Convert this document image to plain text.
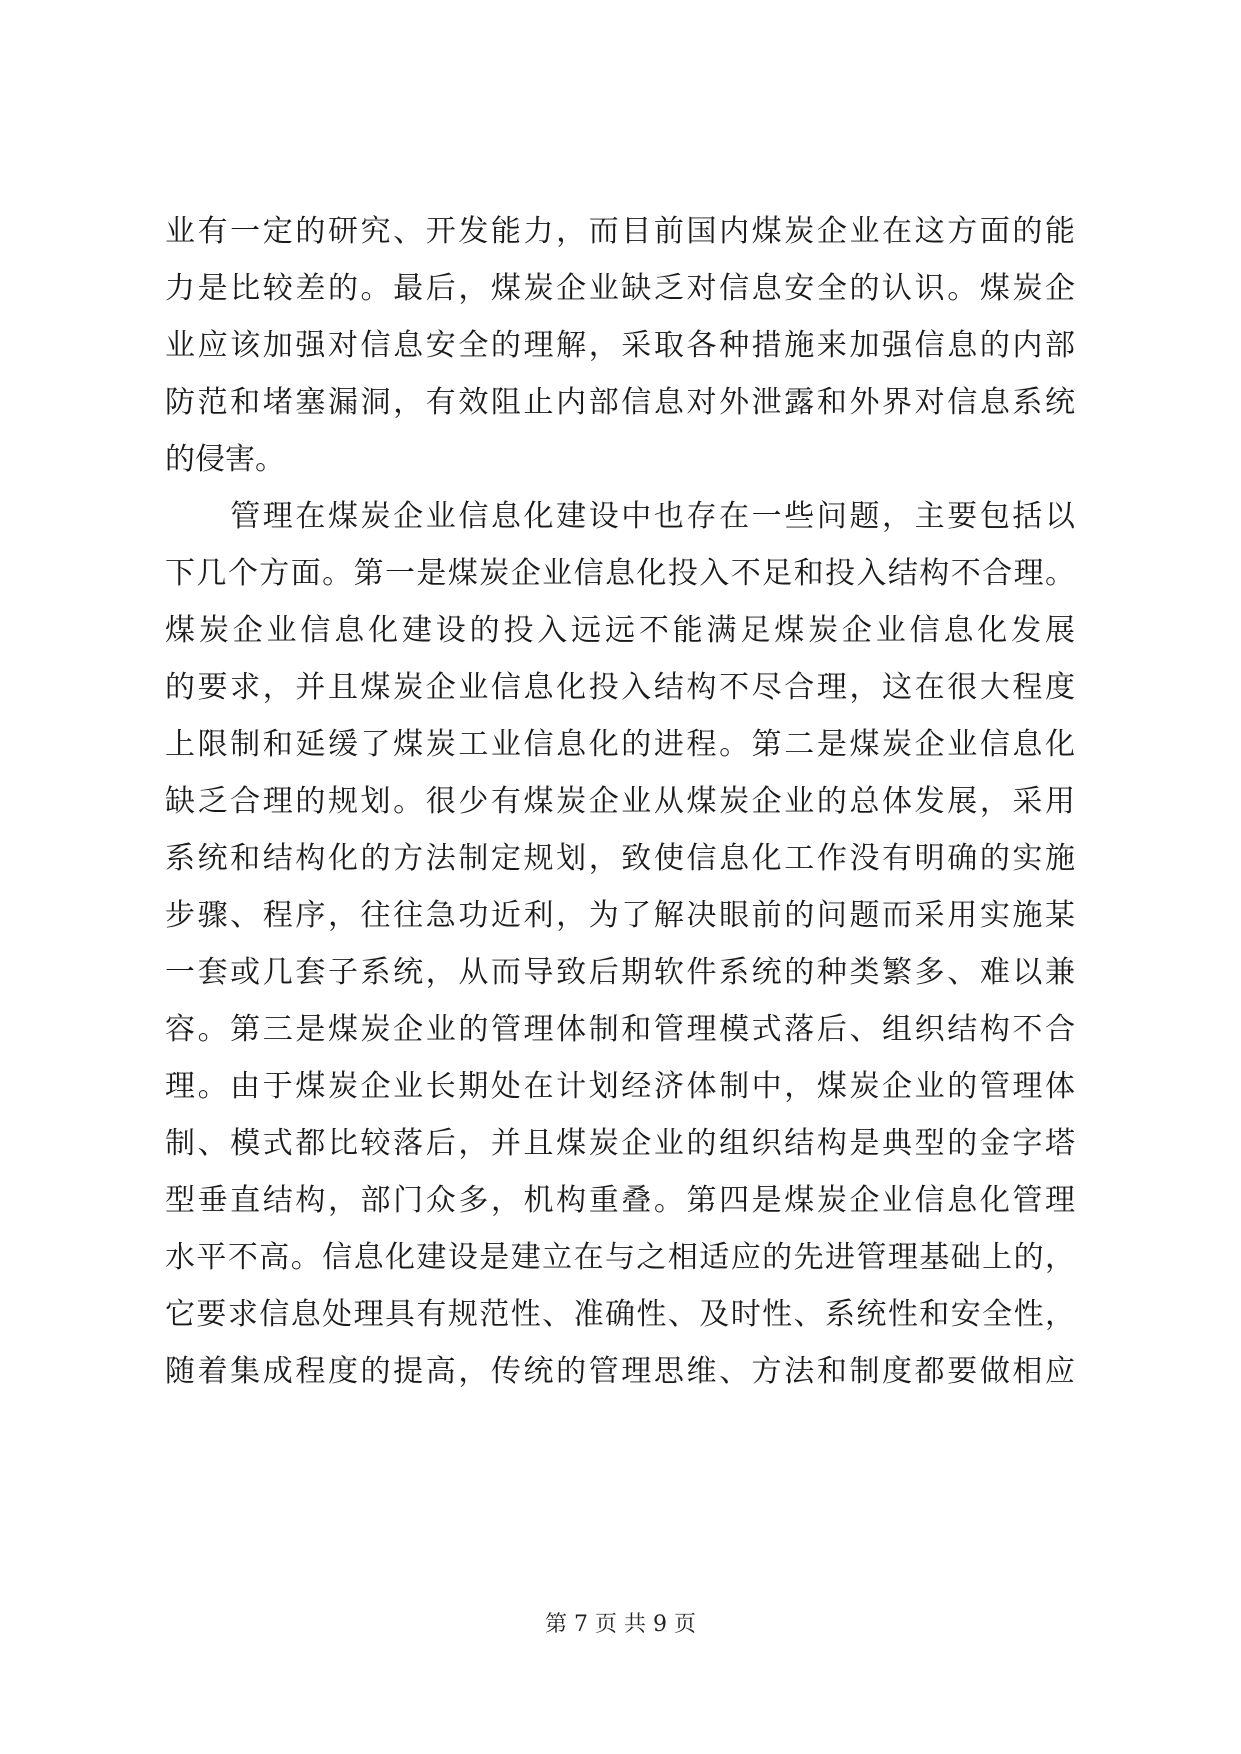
业有一定的研究、开发能力，而目前国内煤炭企业在这方面的能
力是比较差的。最后，煤炭企业缺乏对信息安全的认识。煤炭企
业应该加强对信息安全的理解，采取各种措施来加强信息的内部
防范和堵塞漏洞，有效阻止内部信息对外泄露和外界对信息系统
的侵害。
　　管理在煤炭企业信息化建设中也存在一些问题，主要包括以
下几个方面。第一是煤炭企业信息化投入不足和投入结构不合理。
煤炭企业信息化建设的投入远远不能满足煤炭企业信息化发展
的要求，并且煤炭企业信息化投入结构不尽合理，这在很大程度
上限制和延缓了煤炭工业信息化的进程。第二是煤炭企业信息化
缺乏合理的规划。很少有煤炭企业从煤炭企业的总体发展，采用
系统和结构化的方法制定规划，致使信息化工作没有明确的实施
步骤、程序，往往急功近利，为了解决眼前的问题而采用实施某
一套或几套子系统，从而导致后期软件系统的种类繁多、难以兼
容。第三是煤炭企业的管理体制和管理模式落后、组织结构不合
理。由于煤炭企业长期处在计划经济体制中，煤炭企业的管理体
制、模式都比较落后，并且煤炭企业的组织结构是典型的金字塔
型垂直结构，部门众多，机构重叠。第四是煤炭企业信息化管理
水平不高。信息化建设是建立在与之相适应的先进管理基础上的，
它要求信息处理具有规范性、准确性、及时性、系统性和安全性，
随着集成程度的提高，传统的管理思维、方法和制度都要做相应
第 7 页 共 9 页
